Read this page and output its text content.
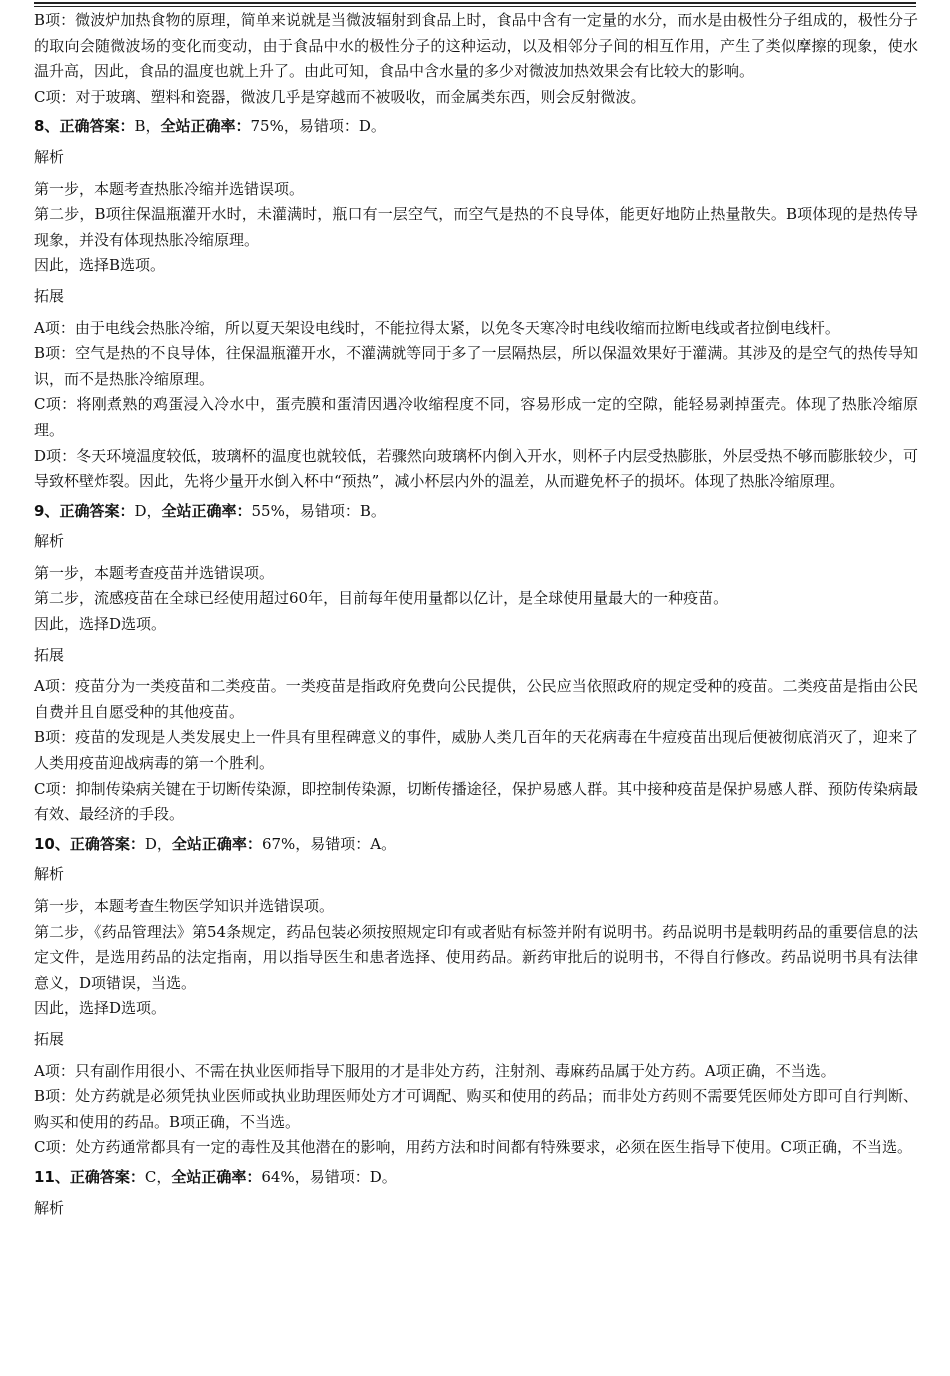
B项：微波炉加热食物的原理，简单来说就是当微波辐射到食品上时，食品中含有一定量的水分，而水是由极性分子组成的，极性分子的取向会随微波场的变化而变动，由于食品中水的极性分子的这种运动，以及相邻分子间的相互作用，产生了类似摩擦的现象，使水温升高，因此，食品的温度也就上升了。由此可知，食品中含水量的多少对微波加热效果会有比较大的影响。

C项：对于玻璃、塑料和瓷器，微波几乎是穿越而不被吸收，而金属类东西，则会反射微波。

8、正确答案：B，全站正确率：75%，易错项：D。

解析

第一步，本题考查热胀冷缩并选错误项。

第二步，B项往保温瓶灌开水时，未灌满时，瓶口有一层空气，而空气是热的不良导体，能更好地防止热量散失。B项体现的是热传导现象，并没有体现热胀冷缩原理。

因此，选择B选项。

拓展

A项：由于电线会热胀冷缩，所以夏天架设电线时，不能拉得太紧，以免冬天寒冷时电线收缩而拉断电线或者拉倒电线杆。

B项：空气是热的不良导体，往保温瓶灌开水，不灌满就等同于多了一层隔热层，所以保温效果好于灌满。其涉及的是空气的热传导知识，而不是热胀冷缩原理。

C项：将刚煮熟的鸡蛋浸入冷水中，蛋壳膜和蛋清因遇冷收缩程度不同，容易形成一定的空隙，能轻易剥掉蛋壳。体现了热胀冷缩原理。

D项：冬天环境温度较低，玻璃杯的温度也就较低，若骤然向玻璃杯内倒入开水，则杯子内层受热膨胀，外层受热不够而膨胀较少，可导致杯壁炸裂。因此，先将少量开水倒入杯中“预热”，减小杯层内外的温差，从而避免杯子的损坏。体现了热胀冷缩原理。

9、正确答案：D，全站正确率：55%，易错项：B。

解析

第一步，本题考查疫苗并选错误项。

第二步，流感疫苗在全球已经使用超过60年，目前每年使用量都以亿计，是全球使用量最大的一种疫苗。

因此，选择D选项。

拓展

A项：疫苗分为一类疫苗和二类疫苗。一类疫苗是指政府免费向公民提供，公民应当依照政府的规定受种的疫苗。二类疫苗是指由公民自费并且自愿受种的其他疫苗。

B项：疫苗的发现是人类发展史上一件具有里程碑意义的事件，威胁人类几百年的天花病毒在牛痘疫苗出现后便被彻底消灭了，迎来了人类用疫苗迎战病毒的第一个胜利。

C项：抑制传染病关键在于切断传染源，即控制传染源，切断传播途径，保护易感人群。其中接种疫苗是保护易感人群、预防传染病最有效、最经济的手段。

10、正确答案：D，全站正确率：67%，易错项：A。

解析

第一步，本题考查生物医学知识并选错误项。

第二步，《药品管理法》第54条规定，药品包装必须按照规定印有或者贴有标签并附有说明书。药品说明书是载明药品的重要信息的法定文件，是选用药品的法定指南，用以指导医生和患者选择、使用药品。新药审批后的说明书，不得自行修改。药品说明书具有法律意义，D项错误，当选。

因此，选择D选项。

拓展

A项：只有副作用很小、不需在执业医师指导下服用的才是非处方药，注射剂、毒麻药品属于处方药。A项正确，不当选。

B项：处方药就是必须凭执业医师或执业助理医师处方才可调配、购买和使用的药品；而非处方药则不需要凭医师处方即可自行判断、购买和使用的药品。B项正确，不当选。

C项：处方药通常都具有一定的毒性及其他潜在的影响，用药方法和时间都有特殊要求，必须在医生指导下使用。C项正确，不当选。

11、正确答案：C，全站正确率：64%，易错项：D。

解析
